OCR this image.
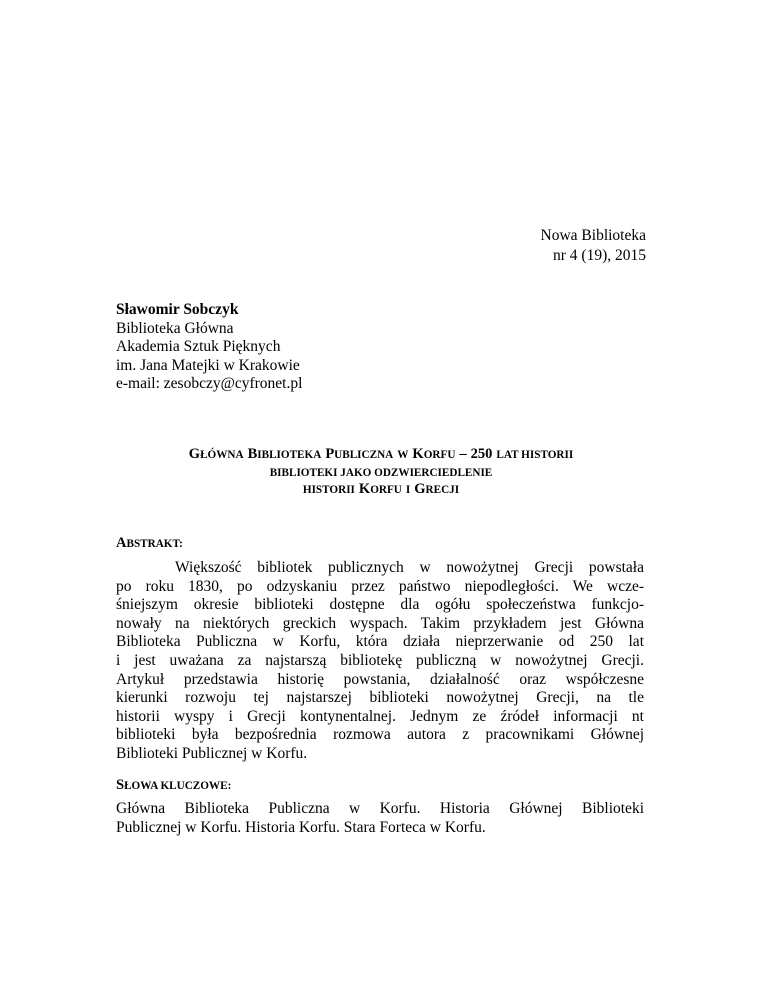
Nowa Biblioteka
nr 4 (19), 2015
Sławomir Sobczyk
Biblioteka Główna
Akademia Sztuk Pięknych
im. Jana Matejki w Krakowie
e-mail: zesobczy@cyfronet.pl
GŁÓWNA BIBLIOTEKA PUBLICZNA W KORFU – 250 LAT HISTORII
BIBLIOTEKI JAKO ODZWIERCIEDLENIE
HISTORII KORFU I GRECJI
ABSTRAKT:
Większość bibliotek publicznych w nowożytnej Grecji powstała
po roku 1830, po odzyskaniu przez państwo niepodległości. We wcze-
śniejszym okresie biblioteki dostępne dla ogółu społeczeństwa funkcjo-
nowały na niektórych greckich wyspach. Takim przykładem jest Główna
Biblioteka Publiczna w Korfu, która działa nieprzerwanie od 250 lat
i jest uważana za najstarszą bibliotekę publiczną w nowożytnej Grecji.
Artykuł przedstawia historię powstania, działalność oraz współczesne
kierunki rozwoju tej najstarszej biblioteki nowożytnej Grecji, na tle
historii wyspy i Grecji kontynentalnej. Jednym ze źródeł informacji nt
biblioteki była bezpośrednia rozmowa autora z pracownikami Głównej
Biblioteki Publicznej w Korfu.
SŁOWA KLUCZOWE:
Główna Biblioteka Publiczna w Korfu. Historia Głównej Biblioteki
Publicznej w Korfu. Historia Korfu. Stara Forteca w Korfu.
